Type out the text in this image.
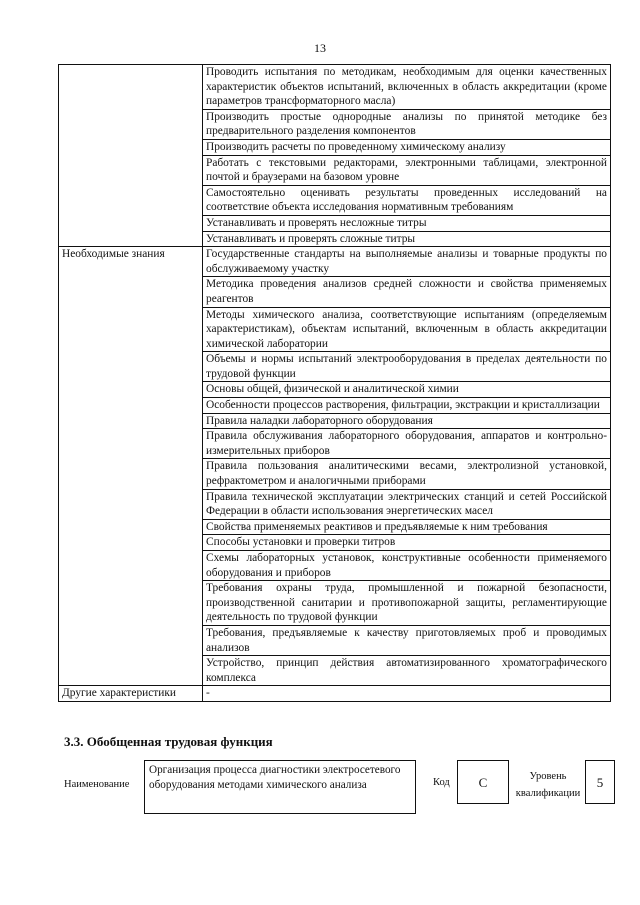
13
	Проводить испытания по методикам, необходимым для оценки качественных характеристик объектов испытаний, включенных в область аккредитации (кроме параметров трансформаторного масла)
	Производить простые однородные анализы по принятой методике без предварительного разделения компонентов
	Производить расчеты по проведенному химическому анализу
	Работать с текстовыми редакторами, электронными таблицами, электронной почтой и браузерами на базовом уровне
	Самостоятельно оценивать результаты проведенных исследований на соответствие объекта исследования нормативным требованиям
	Устанавливать и проверять несложные титры
	Устанавливать и проверять сложные титры
Необходимые знания	Государственные стандарты на выполняемые анализы и товарные продукты по обслуживаемому участку
	Методика проведения анализов средней сложности и свойства применяемых реагентов
	Методы химического анализа, соответствующие испытаниям (определяемым характеристикам), объектам испытаний, включенным в область аккредитации химической лаборатории
	Объемы и нормы испытаний электрооборудования в пределах деятельности по трудовой функции
	Основы общей, физической и аналитической химии
	Особенности процессов растворения, фильтрации, экстракции и кристаллизации
	Правила наладки лабораторного оборудования
	Правила обслуживания лабораторного оборудования, аппаратов и контрольно-измерительных приборов
	Правила пользования аналитическими весами, электролизной установкой, рефрактометром и аналогичными приборами
	Правила технической эксплуатации электрических станций и сетей Российской Федерации в области использования энергетических масел
	Свойства применяемых реактивов и предъявляемые к ним требования
	Способы установки и проверки титров
	Схемы лабораторных установок, конструктивные особенности применяемого оборудования и приборов
	Требования охраны труда, промышленной и пожарной безопасности, производственной санитарии и противопожарной защиты, регламентирующие деятельность по трудовой функции
	Требования, предъявляемые к качеству приготовляемых проб и проводимых анализов
	Устройство, принцип действия автоматизированного хроматографического комплекса
Другие характеристики	-
3.3. Обобщенная трудовая функция
Наименование
Организация процесса диагностики электросетевого оборудования методами химического анализа	Код	C	Уровень квалификации
5
